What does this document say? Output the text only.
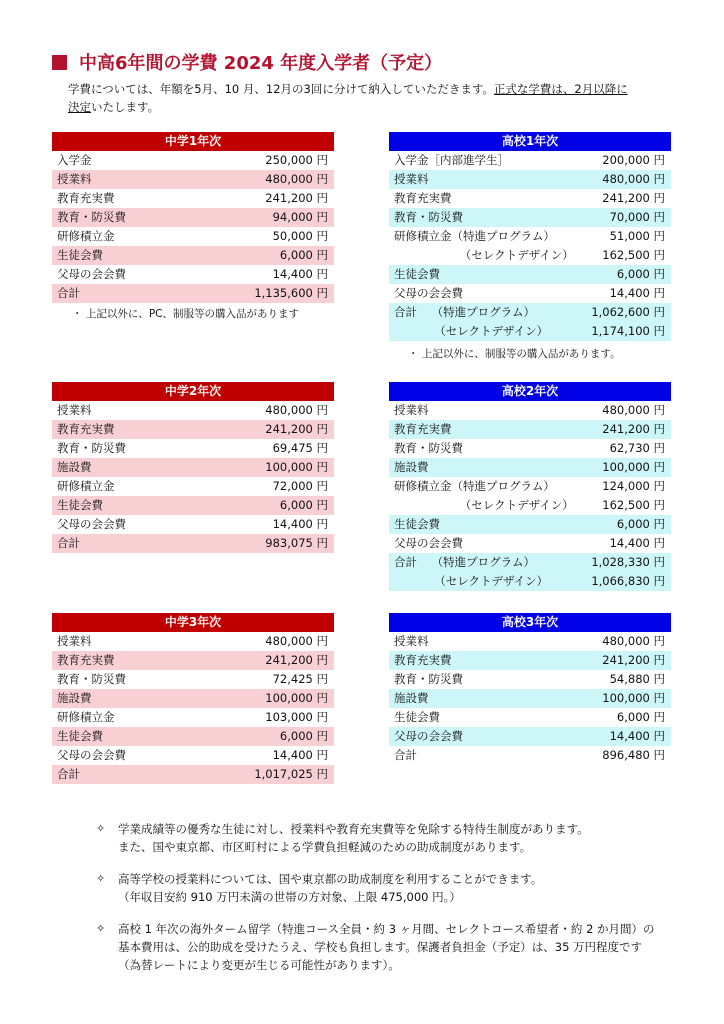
中高6年間の学費 2024 年度入学者（予定）
学費については、年額を5月、10 月、12月の3回に分けて納入していただきます。正式な学費は、2月以降に
決定いたします。
中学1年次
入学金	250,000 円
授業料	480,000 円
教育充実費	241,200 円
教育・防災費	94,000 円
研修積立金	50,000 円
生徒会費	6,000 円
父母の会会費	14,400 円
合計	1,135,600 円
・ 上記以外に、PC、制服等の購入品があります
高校1年次
入学金［内部進学生］	200,000 円
授業料	480,000 円
教育充実費	241,200 円
教育・防災費	70,000 円
研修積立金（特進プログラム）	51,000 円
（セレクトデザイン） 162,500 円
生徒会費	6,000 円
父母の会会費	14,400 円
合計    （特進プログラム）	1,062,600 円
（セレクトデザイン）	1,174,100 円
・ 上記以外に、制服等の購入品があります。
中学2年次
授業料	480,000 円
教育充実費	241,200 円
教育・防災費	69,475 円
施設費	100,000 円
研修積立金	72,000 円
生徒会費	6,000 円
父母の会会費	14,400 円
合計	983,075 円
高校2年次
授業料	480,000 円
教育充実費	241,200 円
教育・防災費	62,730 円
施設費	100,000 円
研修積立金（特進プログラム）	124,000 円
（セレクトデザイン） 162,500 円
生徒会費	6,000 円
父母の会会費	14,400 円
合計    （特進プログラム）	1,028,330 円
（セレクトデザイン）	1,066,830 円
中学3年次
授業料	480,000 円
教育充実費	241,200 円
教育・防災費	72,425 円
施設費	100,000 円
研修積立金	103,000 円
生徒会費	6,000 円
父母の会会費	14,400 円
合計	1,017,025 円
高校3年次
授業料	480,000 円
教育充実費	241,200 円
教育・防災費	54,880 円
施設費	100,000 円
生徒会費	6,000 円
父母の会会費	14,400 円
合計	896,480 円
✧ 学業成績等の優秀な生徒に対し、授業料や教育充実費等を免除する特待生制度があります。
また、国や東京都、市区町村による学費負担軽減のための助成制度があります。
✧ 高等学校の授業料については、国や東京都の助成制度を利用することができます。
（年収目安約 910 万円未満の世帯の方対象、上限 475,000 円。）
✧ 高校 1 年次の海外ターム留学（特進コース全員・約 3 ヶ月間、セレクトコース希望者・約 2 か月間）の
基本費用は、公的助成を受けたうえ、学校も負担します。保護者負担金（予定）は、35 万円程度です
（為替レートにより変更が生じる可能性があります）。
